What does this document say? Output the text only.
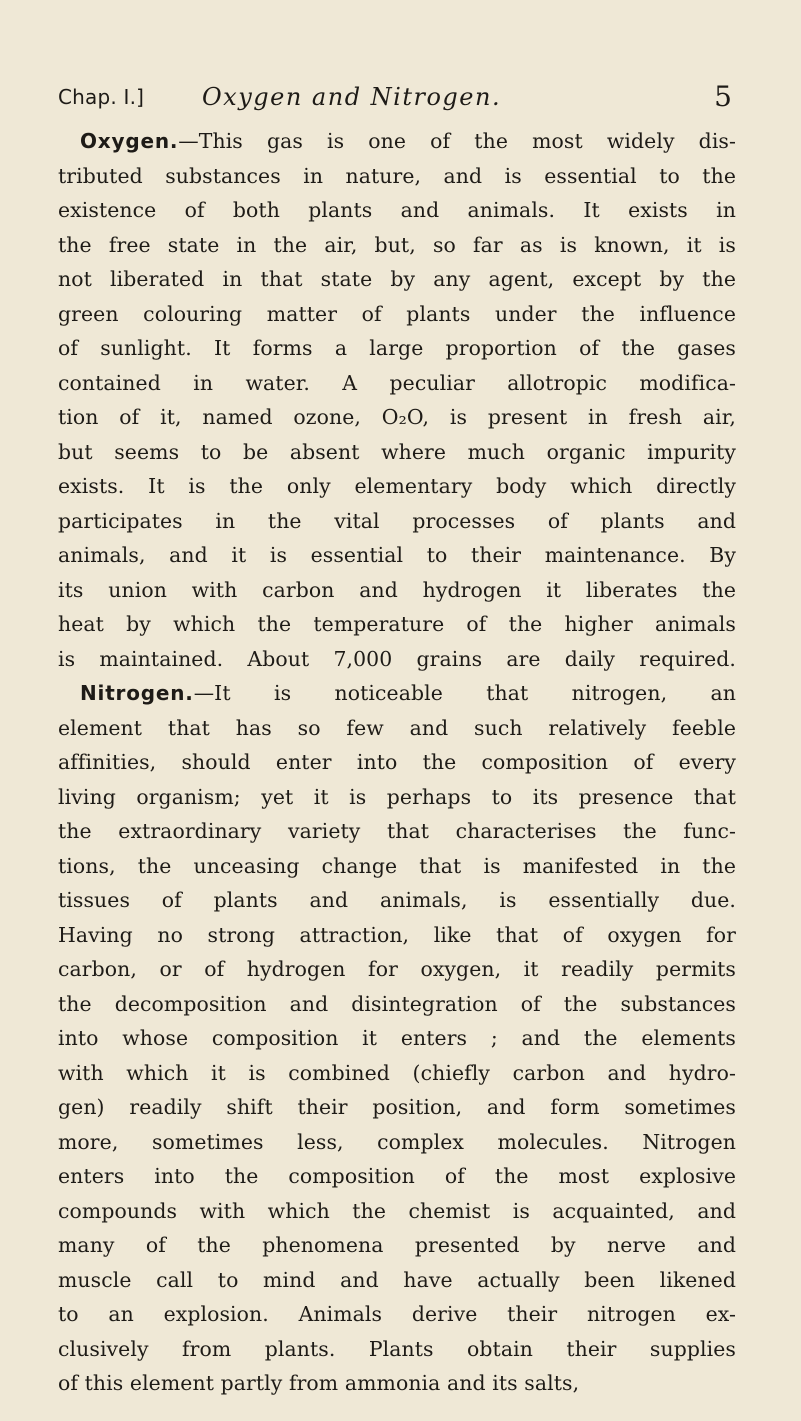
Chap. I.] Oxygen and Nitrogen.	5
Oxygen.—This gas is one of the most widely dis-
tributed substances in nature, and is essential to the
existence of both plants and animals. It exists in
the free state in the air, but, so far as is known, it is
not liberated in that state by any agent, except by the
green colouring matter of plants under the influence
of sunlight. It forms a large proportion of the gases
contained in water. A peculiar allotropic modifica-
tion of it, named ozone, O₂O, is present in fresh air,
but seems to be absent where much organic impurity
exists. It is the only elementary body which directly
participates in the vital processes of plants and
animals, and it is essential to their maintenance. By
its union with carbon and hydrogen it liberates the
heat by which the temperature of the higher animals
is maintained. About 7,000 grains are daily required.
Nitrogen.—It is noticeable that nitrogen, an
element that has so few and such relatively feeble
affinities, should enter into the composition of every
living organism; yet it is perhaps to its presence that
the extraordinary variety that characterises the func-
tions, the unceasing change that is manifested in the
tissues of plants and animals, is essentially due.
Having no strong attraction, like that of oxygen for
carbon, or of hydrogen for oxygen, it readily permits
the decomposition and disintegration of the substances
into whose composition it enters ; and the elements
with which it is combined (chiefly carbon and hydro-
gen) readily shift their position, and form sometimes
more, sometimes less, complex molecules. Nitrogen
enters into the composition of the most explosive
compounds with which the chemist is acquainted, and
many of the phenomena presented by nerve and
muscle call to mind and have actually been likened
to an explosion. Animals derive their nitrogen ex-
clusively from plants. Plants obtain their supplies
of this element partly from ammonia and its salts,
